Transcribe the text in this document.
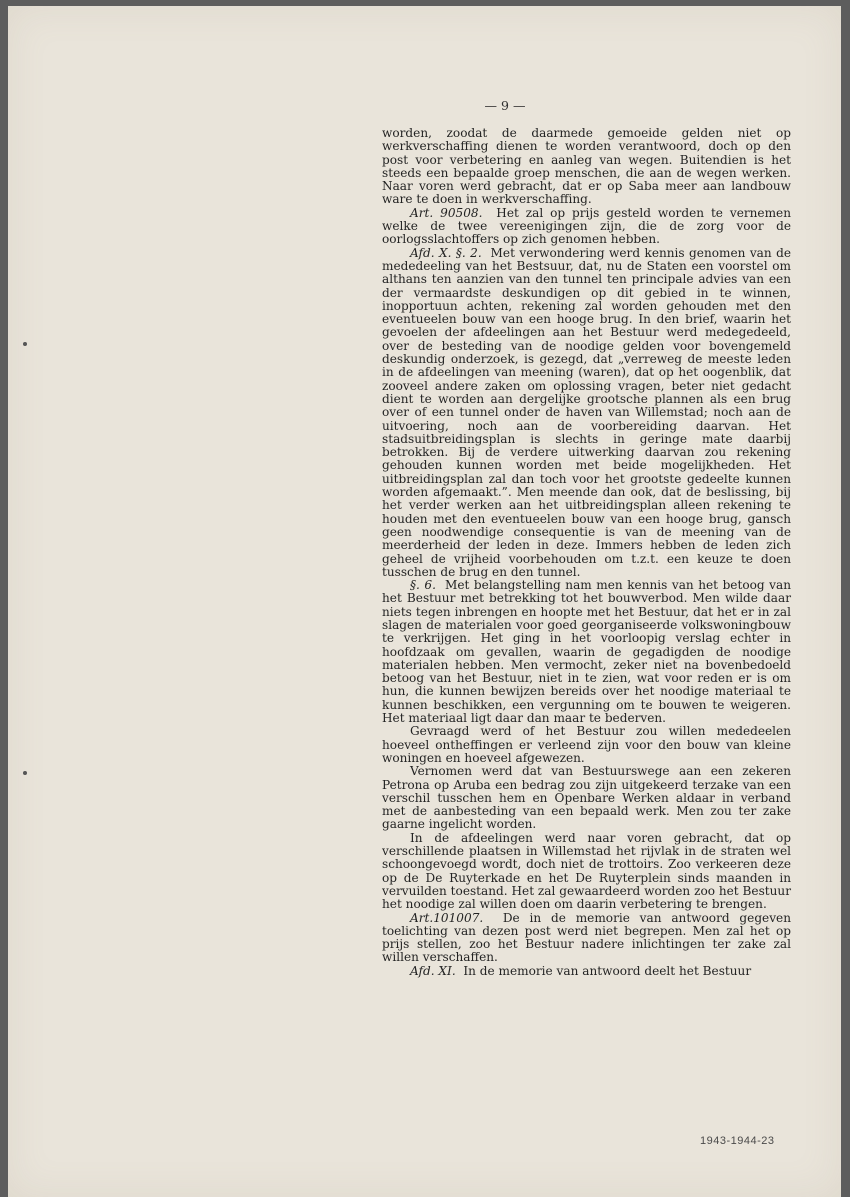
— 9 —

worden, zoodat de daarmede gemoeide gelden niet op werkverschaffing dienen te worden verantwoord, doch op den post voor verbetering en aanleg van wegen. Buitendien is het steeds een bepaalde groep menschen, die aan de wegen werken. Naar voren werd gebracht, dat er op Saba meer aan landbouw ware te doen in werkverschaffing.

Art. 90508. Het zal op prijs gesteld worden te vernemen welke de twee vereenigingen zijn, die de zorg voor de oorlogsslachtoffers op zich genomen hebben.

Afd. X. §. 2. Met verwondering werd kennis genomen van de mededeeling van het Bestsuur, dat, nu de Staten een voorstel om althans ten aanzien van den tunnel ten principale advies van een der vermaardste deskundigen op dit gebied in te winnen, inopportuun achten, rekening zal worden gehouden met den eventueelen bouw van een hooge brug. In den brief, waarin het gevoelen der afdeelingen aan het Bestuur werd medegedeeld, over de besteding van de noodige gelden voor bovengemeld deskundig onderzoek, is gezegd, dat „verreweg de meeste leden in de afdeelingen van meening (waren), dat op het oogenblik, dat zooveel andere zaken om oplossing vragen, beter niet gedacht dient te worden aan dergelijke grootsche plannen als een brug over of een tunnel onder de haven van Willemstad; noch aan de uitvoering, noch aan de voorbereiding daarvan. Het stadsuitbreidingsplan is slechts in geringe mate daarbij betrokken. Bij de verdere uitwerking daarvan zou rekening gehouden kunnen worden met beide mogelijkheden. Het uitbreidingsplan zal dan toch voor het grootste gedeelte kunnen worden afgemaakt.”. Men meende dan ook, dat de beslissing, bij het verder werken aan het uitbreidingsplan alleen rekening te houden met den eventueelen bouw van een hooge brug, gansch geen noodwendige consequentie is van de meening van de meerderheid der leden in deze. Immers hebben de leden zich geheel de vrijheid voorbehouden om t.z.t. een keuze te doen tusschen de brug en den tunnel.

§. 6. Met belangstelling nam men kennis van het betoog van het Bestuur met betrekking tot het bouwverbod. Men wilde daar niets tegen inbrengen en hoopte met het Bestuur, dat het er in zal slagen de materialen voor goed georganiseerde volkswoningbouw te verkrijgen. Het ging in het voorloopig verslag echter in hoofdzaak om gevallen, waarin de gegadigden de noodige materialen hebben. Men vermocht, zeker niet na bovenbedoeld betoog van het Bestuur, niet in te zien, wat voor reden er is om hun, die kunnen bewijzen bereids over het noodige materiaal te kunnen beschikken, een vergunning om te bouwen te weigeren. Het materiaal ligt daar dan maar te bederven.

Gevraagd werd of het Bestuur zou willen mededeelen hoeveel ontheffingen er verleend zijn voor den bouw van kleine woningen en hoeveel afgewezen.

Vernomen werd dat van Bestuurswege aan een zekeren Petrona op Aruba een bedrag zou zijn uitgekeerd terzake van een verschil tusschen hem en Openbare Werken aldaar in verband met de aanbesteding van een bepaald werk. Men zou ter zake gaarne ingelicht worden.

In de afdeelingen werd naar voren gebracht, dat op verschillende plaatsen in Willemstad het rijvlak in de straten wel schoongevoegd wordt, doch niet de trottoirs. Zoo verkeeren deze op de De Ruyterkade en het De Ruyterplein sinds maanden in vervuilden toestand. Het zal gewaardeerd worden zoo het Bestuur het noodige zal willen doen om daarin verbetering te brengen.

Art.101007. De in de memorie van antwoord gegeven toelichting van dezen post werd niet begrepen. Men zal het op prijs stellen, zoo het Bestuur nadere inlichtingen ter zake zal willen verschaffen.

Afd. XI. In de memorie van antwoord deelt het Bestuur

1943-1944-23
